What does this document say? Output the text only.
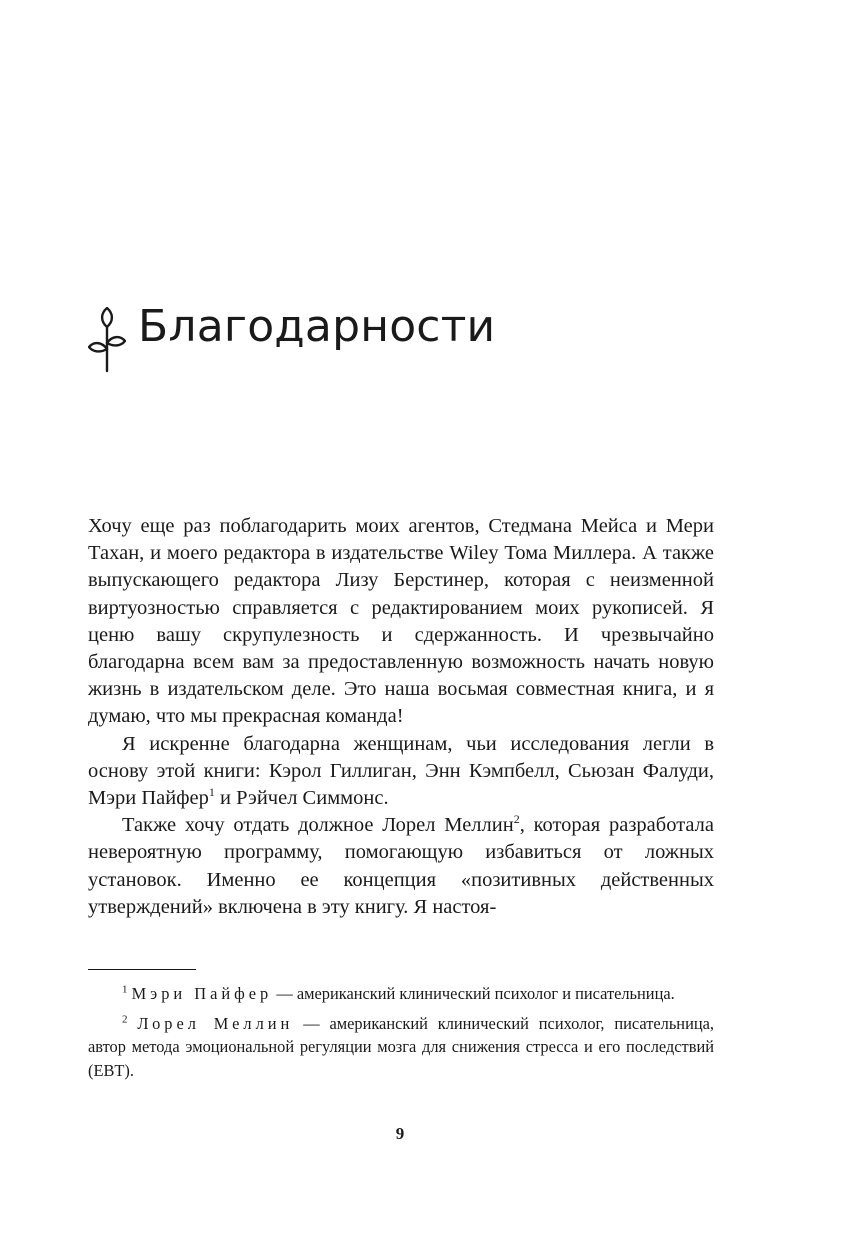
Благодарности

Хочу еще раз поблагодарить моих агентов, Стедмана Мейса и Мери Тахан, и моего редактора в издательстве Wiley Тома Миллера. А также выпускающего редактора Лизу Берстинер, которая с неизменной виртуозностью справляется с редактированием моих рукописей. Я ценю вашу скрупулезность и сдержанность. И чрезвычайно благодарна всем вам за предоставленную возможность начать новую жизнь в издательском деле. Это наша восьмая совместная книга, и я думаю, что мы прекрасная команда!

Я искренне благодарна женщинам, чьи исследования легли в основу этой книги: Кэрол Гиллиган, Энн Кэмпбелл, Сьюзан Фалуди, Мэри Пайфер$^1$ и Рэйчел Симмонс.

Также хочу отдать должное Лорел Меллин$^2$, которая разработала невероятную программу, помогающую избавиться от ложных установок. Именно ее концепция «позитивных действенных утверждений» включена в эту книгу. Я настоя-

$^1$ Мэри Пайфер — американский клинический психолог и писательница.

$^2$ Лорел Меллин — американский клинический психолог, писательница, автор метода эмоциональной регуляции мозга для снижения стресса и его последствий (EBT).

9
